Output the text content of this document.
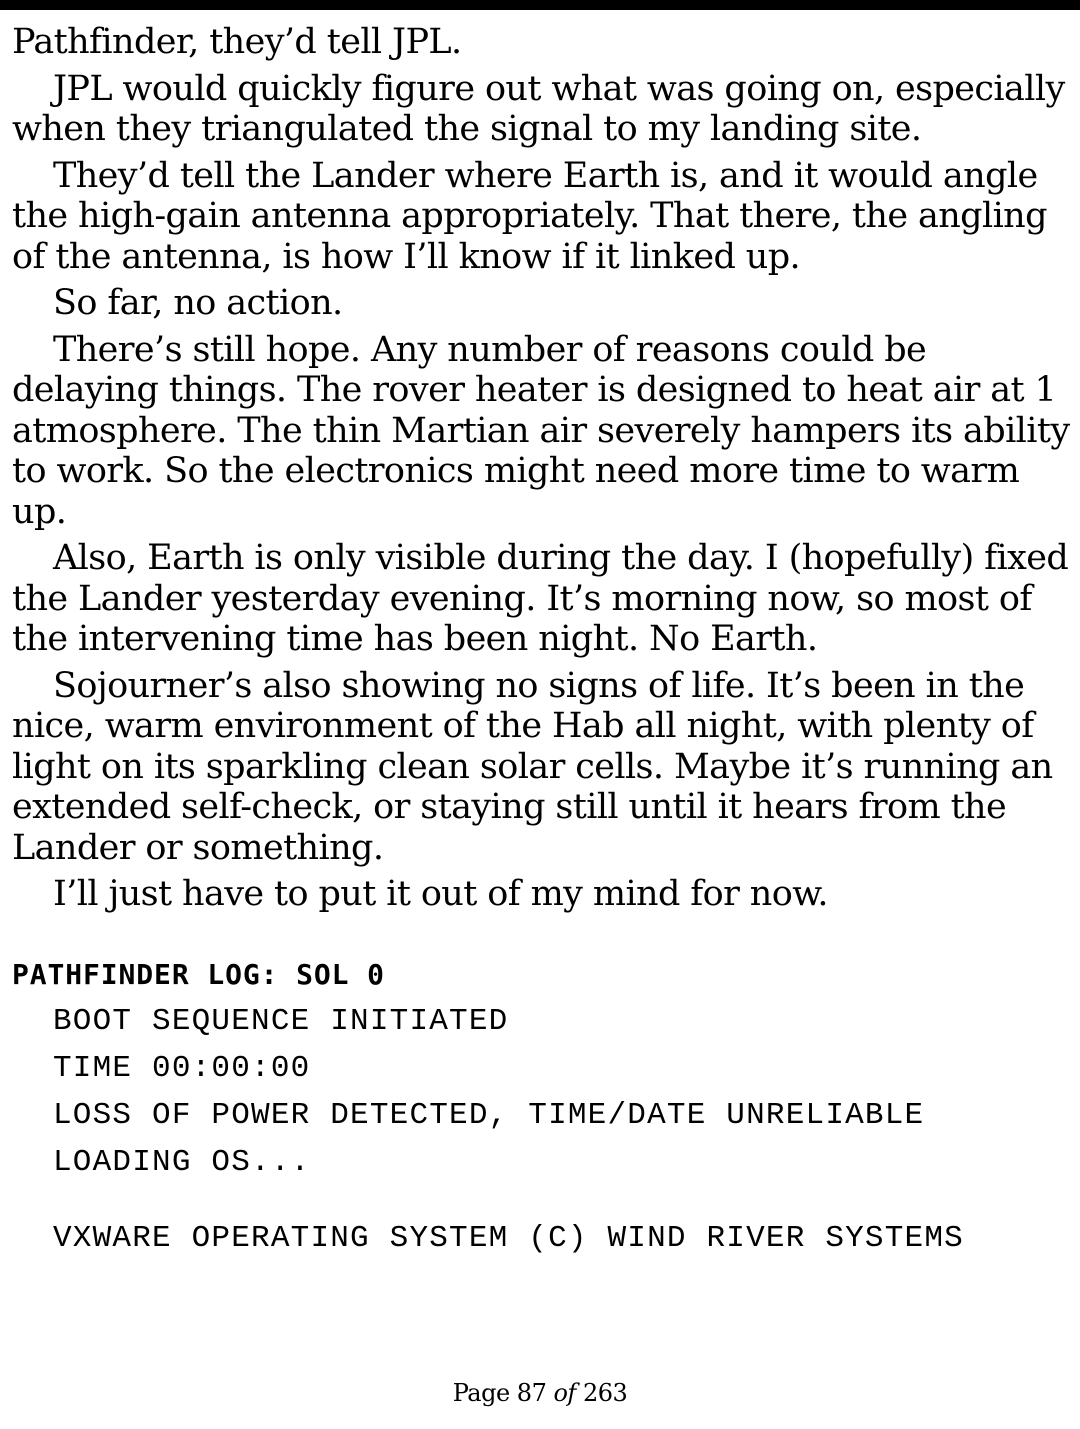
Pathfinder, they’d tell JPL.

JPL would quickly figure out what was going on, especially when they triangulated the signal to my landing site.

They’d tell the Lander where Earth is, and it would angle the high-gain antenna appropriately. That there, the angling of the antenna, is how I’ll know if it linked up.

So far, no action.

There’s still hope. Any number of reasons could be delaying things. The rover heater is designed to heat air at 1 atmosphere. The thin Martian air severely hampers its ability to work. So the electronics might need more time to warm up.

Also, Earth is only visible during the day. I (hopefully) fixed the Lander yesterday evening. It’s morning now, so most of the intervening time has been night. No Earth.

Sojourner’s also showing no signs of life. It’s been in the nice, warm environment of the Hab all night, with plenty of light on its sparkling clean solar cells. Maybe it’s running an extended self-check, or staying still until it hears from the Lander or something.

I’ll just have to put it out of my mind for now.

PATHFINDER LOG: SOL 0
BOOT SEQUENCE INITIATED
TIME 00:00:00
LOSS OF POWER DETECTED, TIME/DATE UNRELIABLE
LOADING OS...
VXWARE OPERATING SYSTEM (C) WIND RIVER SYSTEMS
Page 87 of 263
